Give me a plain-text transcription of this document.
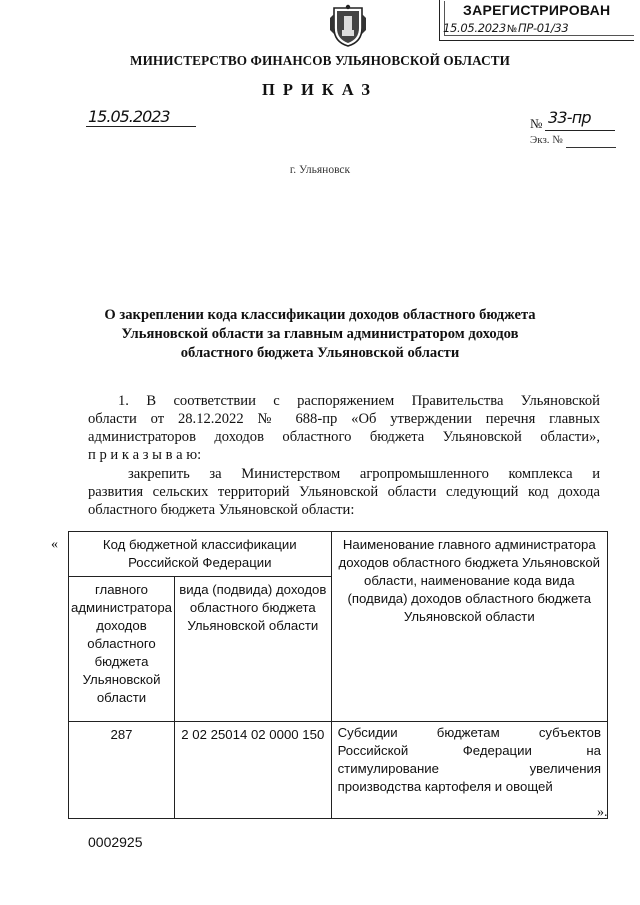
ЗАРЕГИСТРИРОВАН
15.05.2023№ПР-01/33
МИНИСТЕРСТВО ФИНАНСОВ УЛЬЯНОВСКОЙ ОБЛАСТИ
ПРИКАЗ
15.05.2023	№ 33-пр
Экз. №
г. Ульяновск
О закреплении кода классификации доходов областного бюджета
Ульяновской области за главным администратором доходов
областного бюджета Ульяновской области
1. В соответствии с распоряжением Правительства Ульяновской
области от 28.12.2022 № 688-пр «Об утверждении перечня главных
администраторов доходов областного бюджета Ульяновской области»,
п р и к а з ы в а ю:
закрепить за Министерством агропромышленного комплекса и
развития сельских территорий Ульяновской области следующий код дохода
областного бюджета Ульяновской области:
«	Код бюджетной классификации Российской Федерации		Наименование главного администратора доходов областного бюджета Ульяновской области, наименование кода вида (подвида) доходов областного бюджета Ульяновской области
главного администратора доходов областного бюджета Ульяновской области	вида (подвида) доходов областного бюджета Ульяновской области	
287	2 02 25014 02 0000 150	Субсидии бюджетам субъектов Российской Федерации на стимулирование увеличения производства картофеля и овощей
».
0002925
